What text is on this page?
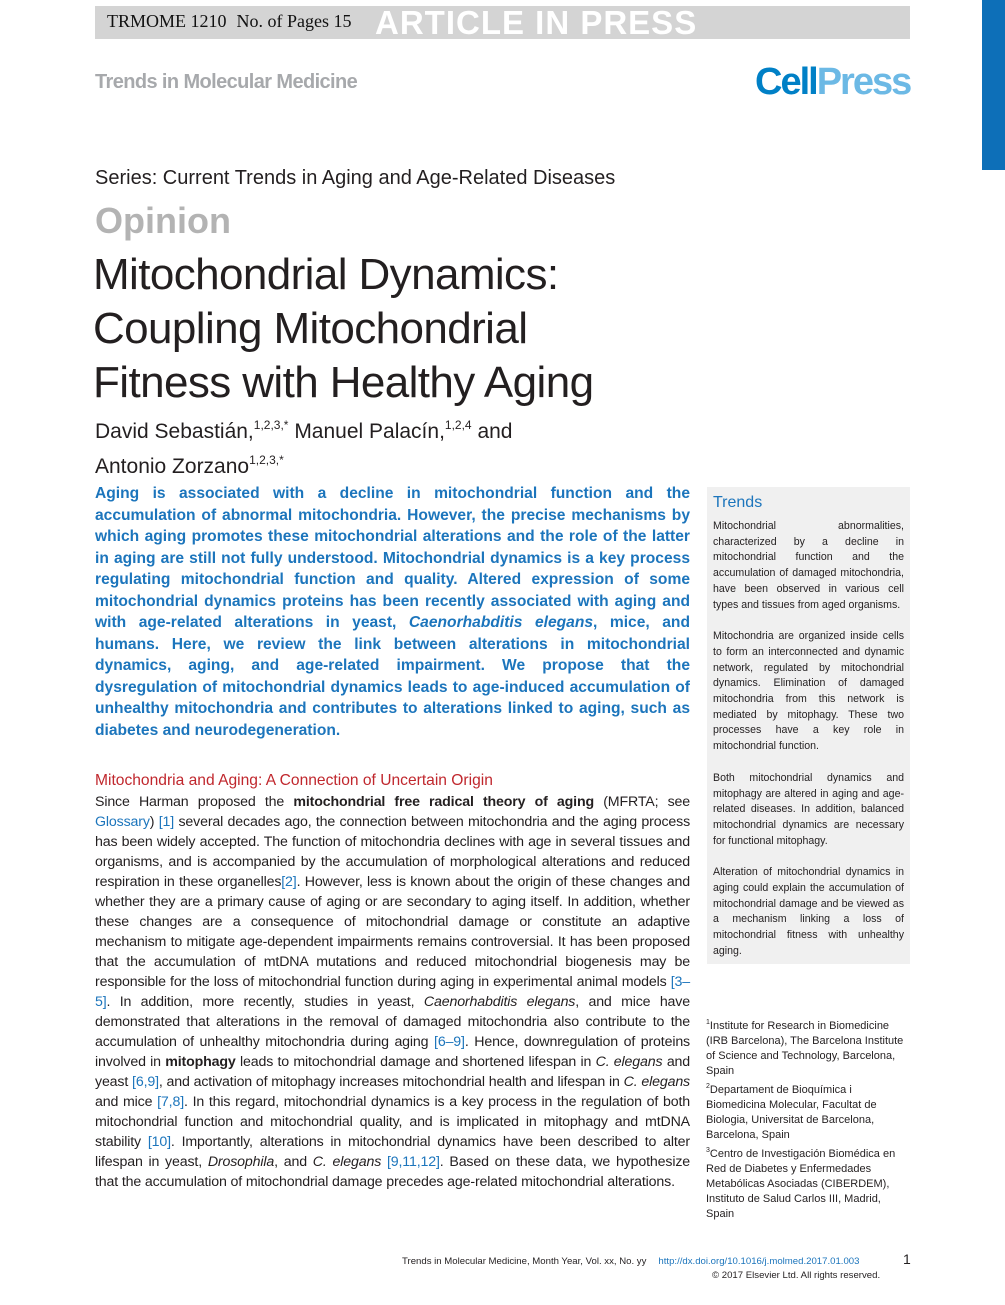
TRMOME 1210 No. of Pages 15 ARTICLE IN PRESS
Trends in Molecular Medicine	CellPress
Series: Current Trends in Aging and Age-Related Diseases
Opinion
Mitochondrial Dynamics:
Coupling Mitochondrial
Fitness with Healthy Aging
David Sebastián,$^{1,2,3,*}$ Manuel Palacín,$^{1,2,4}$ and
Antonio Zorzano$^{1,2,3,*}$
Aging is associated with a decline in mitochondrial function and the accumulation of abnormal mitochondria. However, the precise mechanisms by which aging promotes these mitochondrial alterations and the role of the latter in aging are still not fully understood. Mitochondrial dynamics is a key process regulating mitochondrial function and quality. Altered expression of some mitochondrial dynamics proteins has been recently associated with aging and with age-related alterations in yeast, Caenorhabditis elegans, mice, and humans. Here, we review the link between alterations in mitochondrial dynamics, aging, and age-related impairment. We propose that the dysregulation of mitochondrial dynamics leads to age-induced accumulation of unhealthy mitochondria and contributes to alterations linked to aging, such as diabetes and neurodegeneration.
Mitochondria and Aging: A Connection of Uncertain Origin
Since Harman proposed the mitochondrial free radical theory of aging (MFRTA; see Glossary) [1] several decades ago, the connection between mitochondria and the aging process has been widely accepted. The function of mitochondria declines with age in several tissues and organisms, and is accompanied by the accumulation of morphological alterations and reduced respiration in these organelles[2]. However, less is known about the origin of these changes and whether they are a primary cause of aging or are secondary to aging itself. In addition, whether these changes are a consequence of mitochondrial damage or constitute an adaptive mechanism to mitigate age-dependent impairments remains controversial. It has been proposed that the accumulation of mtDNA mutations and reduced mitochondrial biogenesis may be responsible for the loss of mitochondrial function during aging in experimental animal models [3–5]. In addition, more recently, studies in yeast, Caenorhabditis elegans, and mice have demonstrated that alterations in the removal of damaged mitochondria also contribute to the accumulation of unhealthy mitochondria during aging [6–9]. Hence, downregulation of proteins involved in mitophagy leads to mitochondrial damage and shortened lifespan in C. elegans and yeast [6,9], and activation of mitophagy increases mitochondrial health and lifespan in C. elegans and mice [7,8]. In this regard, mitochondrial dynamics is a key process in the regulation of both mitochondrial function and mitochondrial quality, and is implicated in mitophagy and mtDNA stability [10]. Importantly, alterations in mitochondrial dynamics have been described to alter lifespan in yeast, Drosophila, and C. elegans [9,11,12]. Based on these data, we hypothesize that the accumulation of mitochondrial damage precedes age-related mitochondrial alterations.
Trends

Mitochondrial abnormalities, characterized by a decline in mitochondrial function and the accumulation of damaged mitochondria, have been observed in various cell types and tissues from aged organisms.

Mitochondria are organized inside cells to form an interconnected and dynamic network, regulated by mitochondrial dynamics. Elimination of damaged mitochondria from this network is mediated by mitophagy. These two processes have a key role in mitochondrial function.

Both mitochondrial dynamics and mitophagy are altered in aging and age-related diseases. In addition, balanced mitochondrial dynamics are necessary for functional mitophagy.

Alteration of mitochondrial dynamics in aging could explain the accumulation of mitochondrial damage and be viewed as a mechanism linking a loss of mitochondrial fitness with unhealthy aging.

$^1$Institute for Research in Biomedicine (IRB Barcelona), The Barcelona Institute of Science and Technology, Barcelona, Spain
$^2$Departament de Bioquímica i Biomedicina Molecular, Facultat de Biologia, Universitat de Barcelona, Barcelona, Spain
$^3$Centro de Investigación Biomédica en Red de Diabetes y Enfermedades Metabólicas Asociadas (CIBERDEM), Instituto de Salud Carlos III, Madrid, Spain
Trends in Molecular Medicine, Month Year, Vol. xx, No. yy http://dx.doi.org/10.1016/j.molmed.2017.01.003	1
© 2017 Elsevier Ltd. All rights reserved.
